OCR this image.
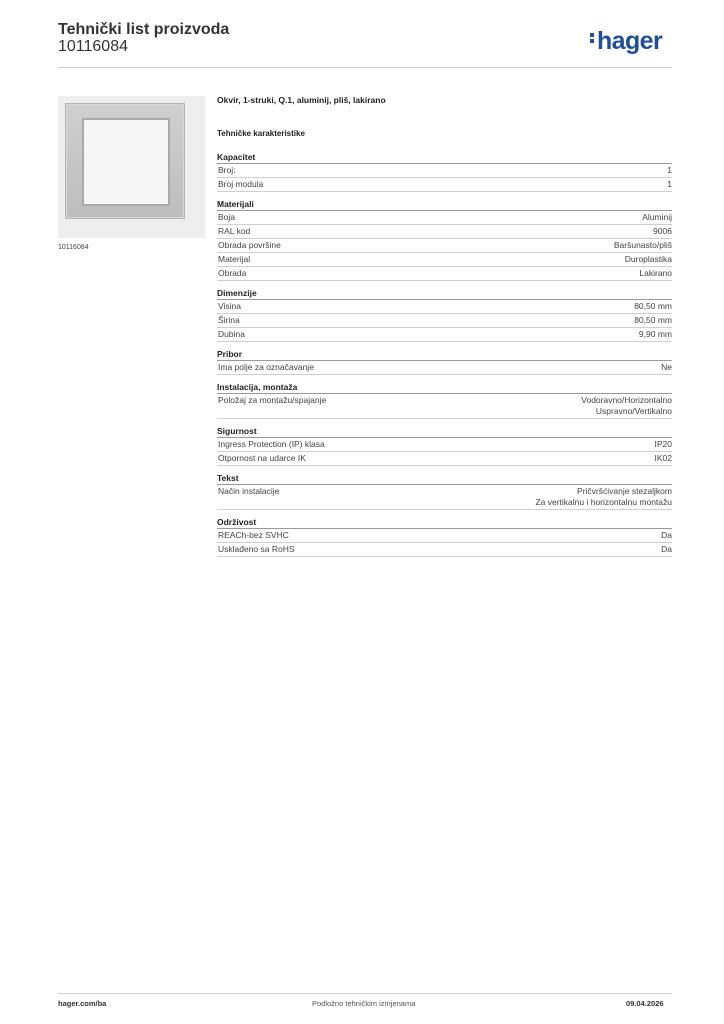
Tehnički list proizvoda
10116084	hager
10116084
Okvir, 1-struki, Q.1, aluminij, pliš, lakirano
Tehničke karakteristike
Kapacitet
Broj:	1
Broj modula	1
Materijali
Boja	Aluminij
RAL kod	9006
Obrada površine	Baršunasto/pliš
Materijal	Duroplastika
Obrada	Lakirano
Dimenzije
Visina	80,50 mm
Širina	80,50 mm
Dubina	9,90 mm
Pribor
Ima polje za označavanje	Ne
Instalacija, montaža
Položaj za montažu/spajanje	Vodoravno/Horizontalno
Uspravno/Vertikalno
Sigurnost
Ingress Protection (IP) klasa	IP20
Otpornost na udarce IK	IK02
Tekst
Način instalacije	Pričvršćivanje stezaljkom
Za vertikalnu i horizontalnu montažu
Održivost
REACh-bez SVHC	Da
Usklađeno sa RoHS	Da
hager.com/ba	Podložno tehničkim izmjenama	09.04.2026
